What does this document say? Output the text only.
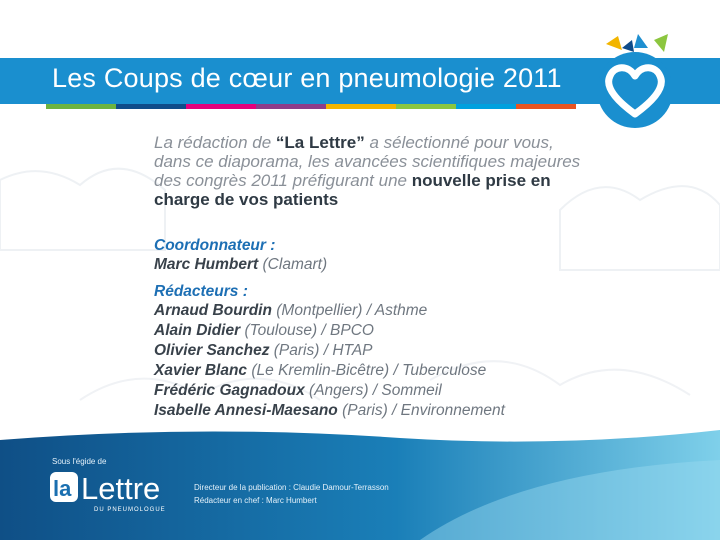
Les Coups de cœur en pneumologie 2011
La rédaction de “La Lettre” a sélectionné pour vous, dans ce diaporama, les avancées scientifiques majeures des congrès 2011 préfigurant une nouvelle prise en charge de vos patients
Coordonnateur :
Marc Humbert (Clamart)
Rédacteurs :
Arnaud Bourdin (Montpellier) / Asthme
Alain Didier (Toulouse) / BPCO
Olivier Sanchez (Paris) / HTAP
Xavier Blanc (Le Kremlin-Bicêtre) / Tuberculose
Frédéric Gagnadoux (Angers) / Sommeil
Isabelle Annesi-Maesano (Paris) / Environnement
Sous l'égide de
la Lettre
DU PNEUMOLOGUE
Directeur de la publication : Claudie Damour-Terrasson
Rédacteur en chef : Marc Humbert
